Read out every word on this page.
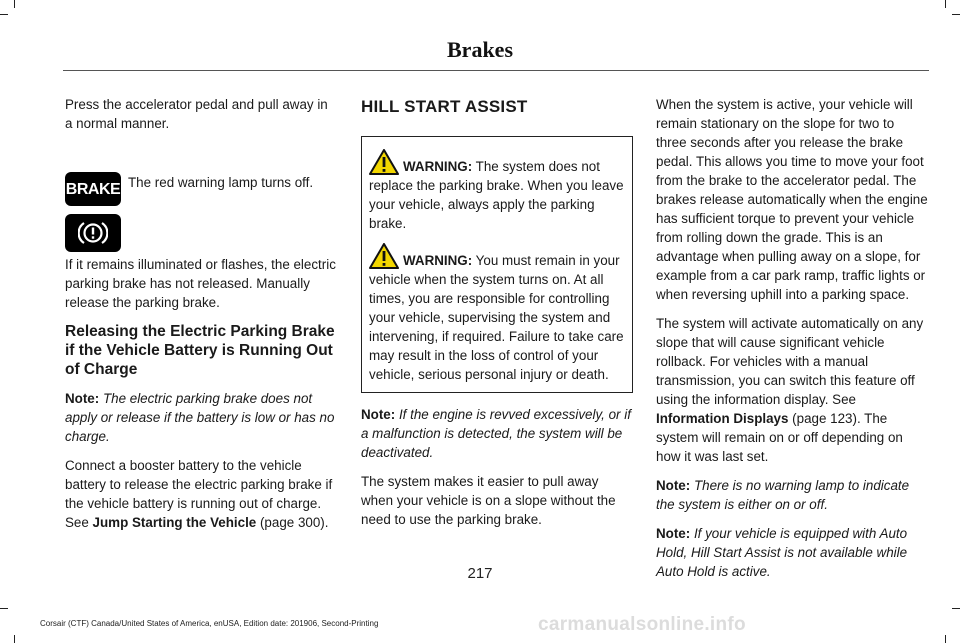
Brakes

Press the accelerator pedal and pull away in a normal manner.

BRAKE The red warning lamp turns off.

If it remains illuminated or flashes, the electric parking brake has not released. Manually release the parking brake.

Releasing the Electric Parking Brake if the Vehicle Battery is Running Out of Charge

Note: The electric parking brake does not apply or release if the battery is low or has no charge.

Connect a booster battery to the vehicle battery to release the electric parking brake if the vehicle battery is running out of charge. See Jump Starting the Vehicle (page 300).

HILL START ASSIST

WARNING: The system does not replace the parking brake. When you leave your vehicle, always apply the parking brake.

WARNING: You must remain in your vehicle when the system turns on. At all times, you are responsible for controlling your vehicle, supervising the system and intervening, if required. Failure to take care may result in the loss of control of your vehicle, serious personal injury or death.

Note: If the engine is revved excessively, or if a malfunction is detected, the system will be deactivated.

The system makes it easier to pull away when your vehicle is on a slope without the need to use the parking brake.

When the system is active, your vehicle will remain stationary on the slope for two to three seconds after you release the brake pedal. This allows you time to move your foot from the brake to the accelerator pedal. The brakes release automatically when the engine has sufficient torque to prevent your vehicle from rolling down the grade. This is an advantage when pulling away on a slope, for example from a car park ramp, traffic lights or when reversing uphill into a parking space.

The system will activate automatically on any slope that will cause significant vehicle rollback. For vehicles with a manual transmission, you can switch this feature off using the information display. See Information Displays (page 123). The system will remain on or off depending on how it was last set.

Note: There is no warning lamp to indicate the system is either on or off.

Note: If your vehicle is equipped with Auto Hold, Hill Start Assist is not available while Auto Hold is active.

217
Corsair (CTF) Canada/United States of America, enUSA, Edition date: 201906, Second-Printing	carmanualsonline.info
